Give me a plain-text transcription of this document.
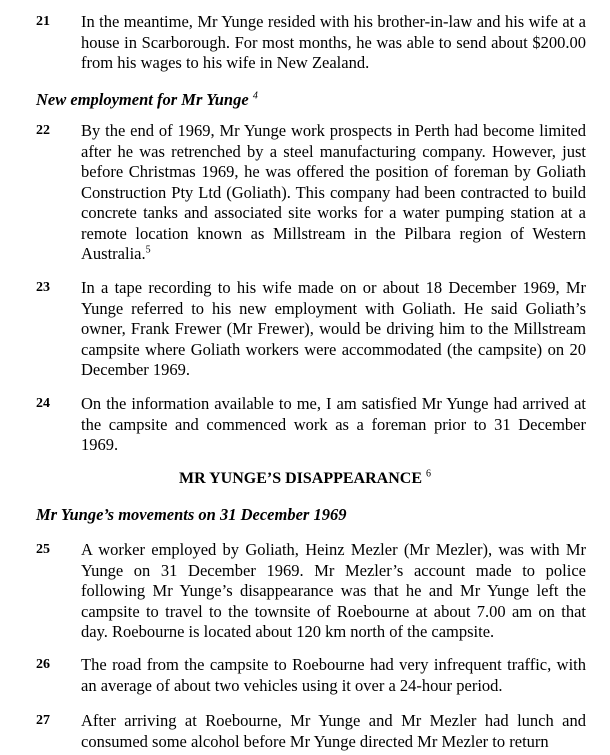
21 In the meantime, Mr Yunge resided with his brother-in-law and his wife at a house in Scarborough. For most months, he was able to send about $200.00 from his wages to his wife in New Zealand.

New employment for Mr Yunge $^4$
22 By the end of 1969, Mr Yunge work prospects in Perth had become limited after he was retrenched by a steel manufacturing company. However, just before Christmas 1969, he was offered the position of foreman by Goliath Construction Pty Ltd (Goliath). This company had been contracted to build concrete tanks and associated site works for a water pumping station at a remote location known as Millstream in the Pilbara region of Western Australia.$^5$

23 In a tape recording to his wife made on or about 18 December 1969, Mr Yunge referred to his new employment with Goliath. He said Goliath’s owner, Frank Frewer (Mr Frewer), would be driving him to the Millstream campsite where Goliath workers were accommodated (the campsite) on 20 December 1969.

24 On the information available to me, I am satisfied Mr Yunge had arrived at the campsite and commenced work as a foreman prior to 31 December 1969.

MR YUNGE’S DISAPPEARANCE $^6$
Mr Yunge’s movements on 31 December 1969
25 A worker employed by Goliath, Heinz Mezler (Mr Mezler), was with Mr Yunge on 31 December 1969. Mr Mezler’s account made to police following Mr Yunge’s disappearance was that he and Mr Yunge left the campsite to travel to the townsite of Roebourne at about 7.00 am on that day. Roebourne is located about 120 km north of the campsite.

26 The road from the campsite to Roebourne had very infrequent traffic, with an average of about two vehicles using it over a 24-hour period.

27 After arriving at Roebourne, Mr Yunge and Mr Mezler had lunch and consumed some alcohol before Mr Yunge directed Mr Mezler to return
